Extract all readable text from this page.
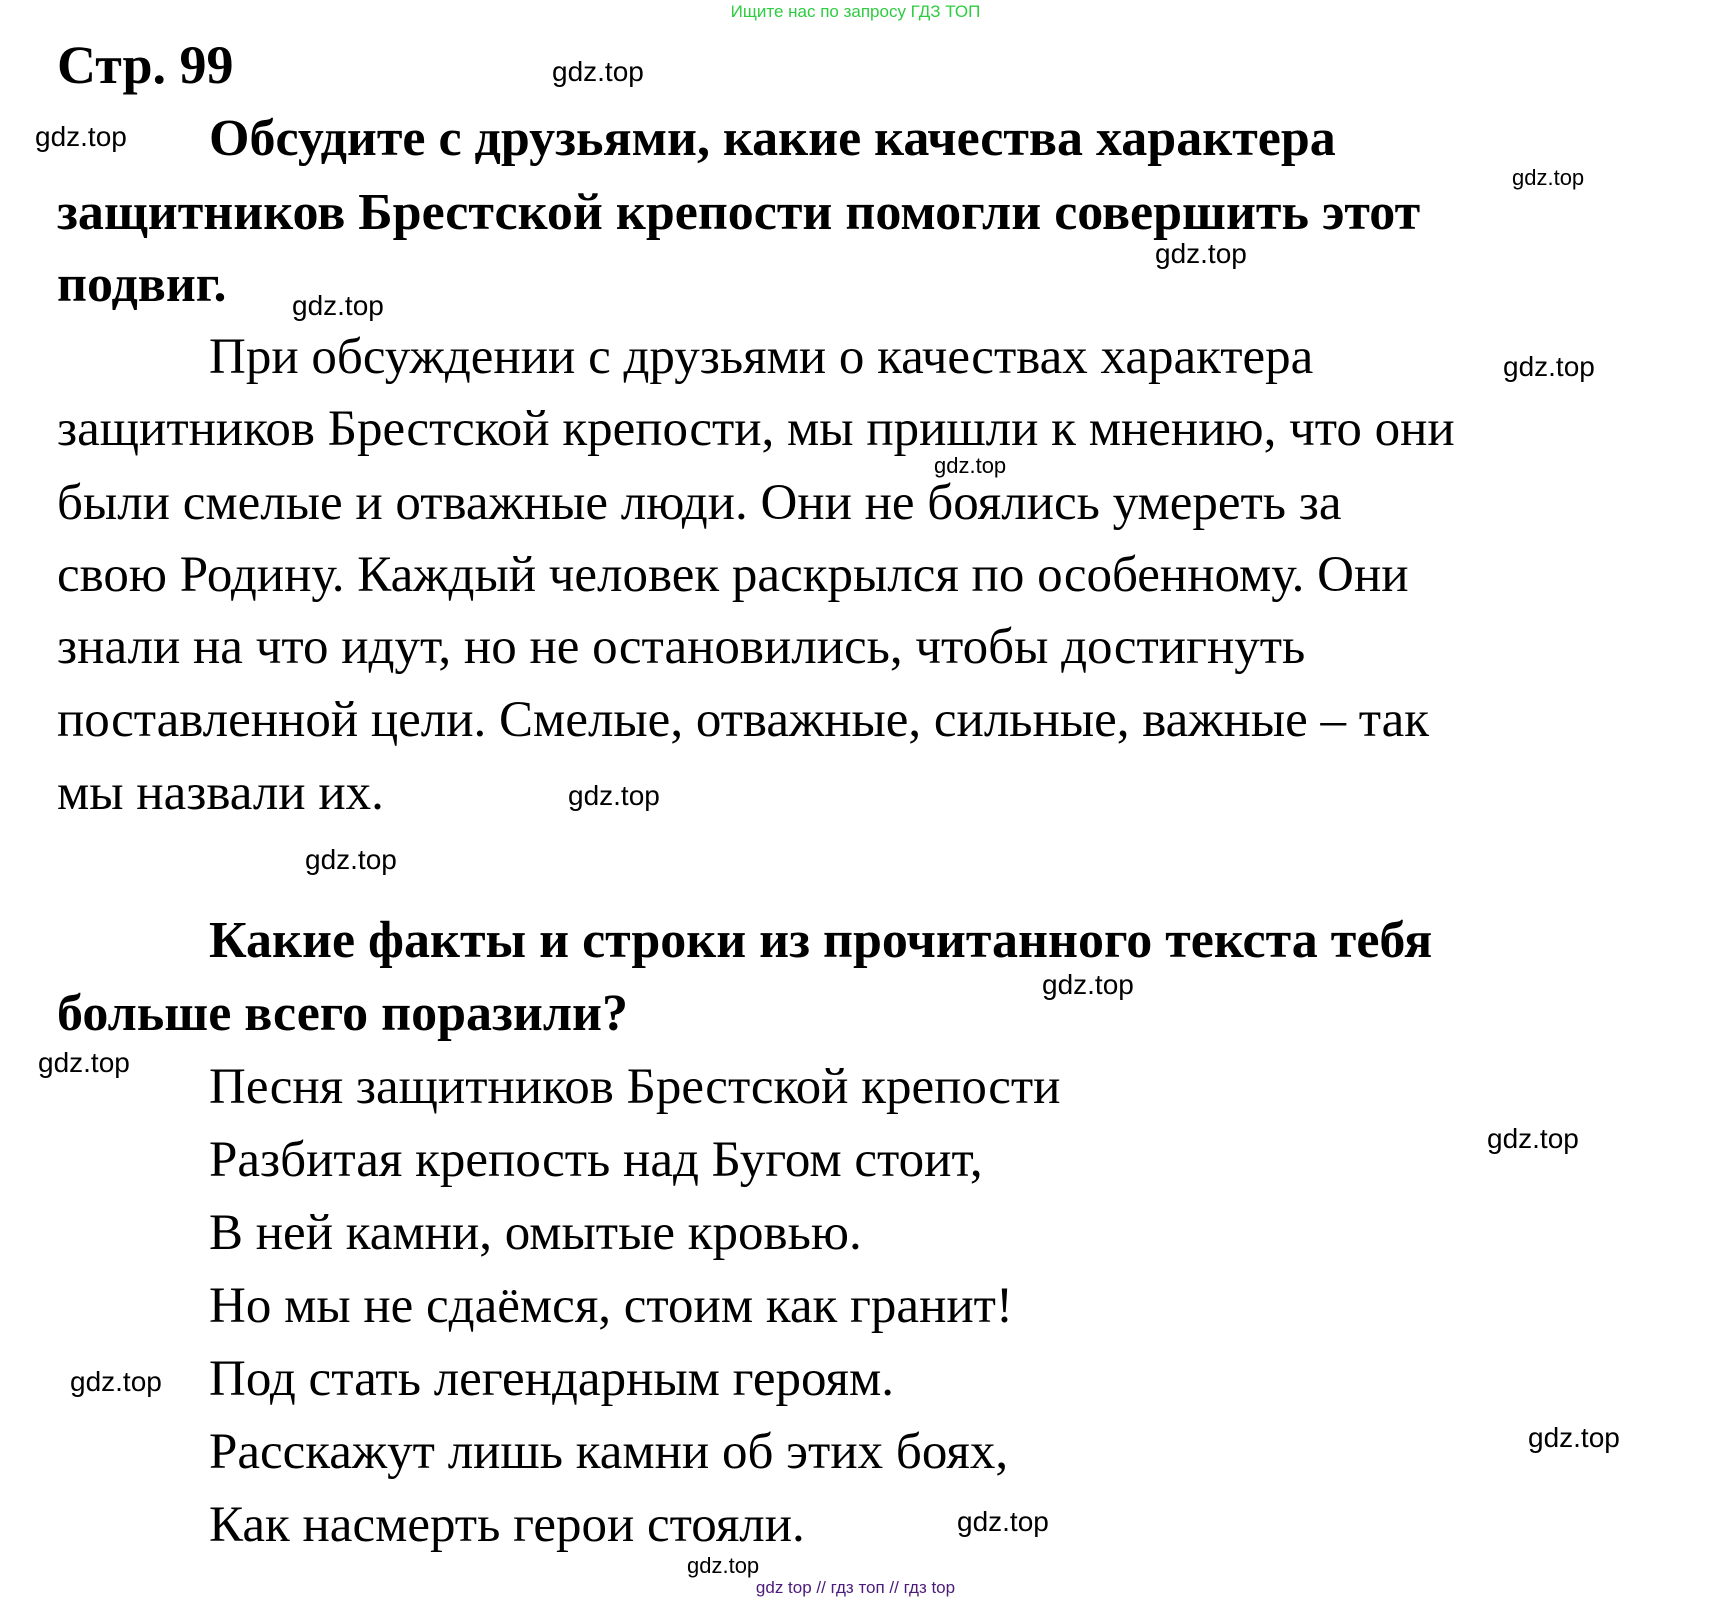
Ищите нас по запросу ГДЗ ТОП
Стр. 99
Обсудите с друзьями, какие качества характера
защитников Брестской крепости помогли совершить этот
подвиг.
При обсуждении с друзьями о качествах характера
защитников Брестской крепости, мы пришли к мнению, что они
были смелые и отважные люди. Они не боялись умереть за
свою Родину. Каждый человек раскрылся по особенному. Они
знали на что идут, но не остановились, чтобы достигнуть
поставленной цели. Смелые, отважные, сильные, важные – так
мы назвали их.
Какие факты и строки из прочитанного текста тебя
больше всего поразили?
Песня защитников Брестской крепости
Разбитая крепость над Бугом стоит,
В ней камни, омытые кровью.
Но мы не сдаёмся, стоим как гранит!
Под стать легендарным героям.
Расскажут лишь камни об этих боях,
Как насмерть герои стояли.
gdz.top
gdz.top
gdz.top
gdz.top
gdz.top
gdz.top
gdz.top
gdz.top
gdz.top
gdz.top
gdz.top
gdz.top
gdz.top
gdz.top
gdz.top
gdz.top
gdz top // гдз топ // гдз top
